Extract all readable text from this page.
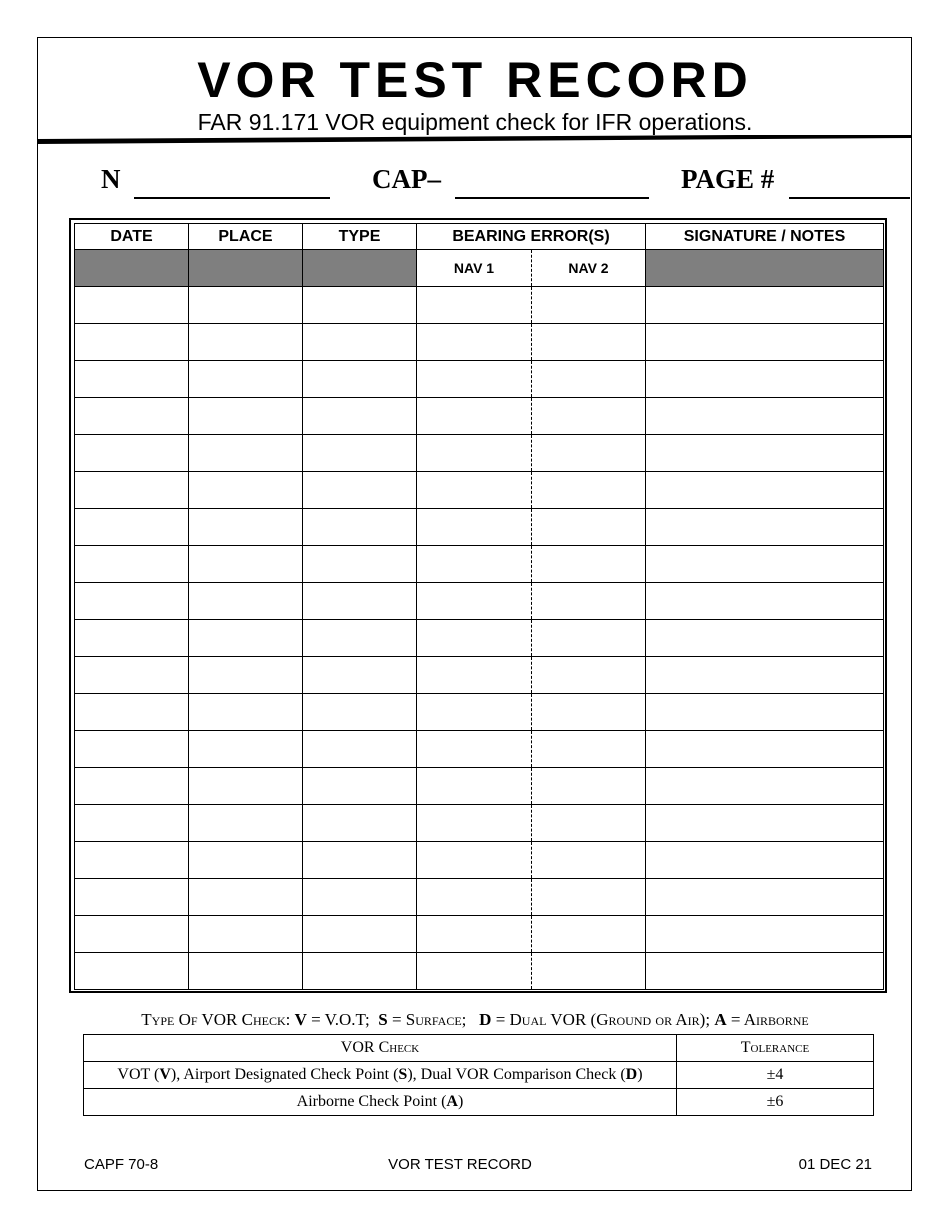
VOR TEST RECORD
FAR 91.171 VOR equipment check for IFR operations.
N	CAP–	PAGE #
DATE	PLACE	TYPE	BEARING ERROR(S)		SIGNATURE / NOTES
			NAV 1	NAV 2	

Type Of VOR Check: V = V.O.T;  S = Surface;   D = Dual VOR (Ground or Air); A = Airborne
VOR Check	Tolerance
VOT (V), Airport Designated Check Point (S), Dual VOR Comparison Check (D)	±4
Airborne Check Point (A)	±6
CAPF 70-8	VOR TEST RECORD	01 DEC 21
